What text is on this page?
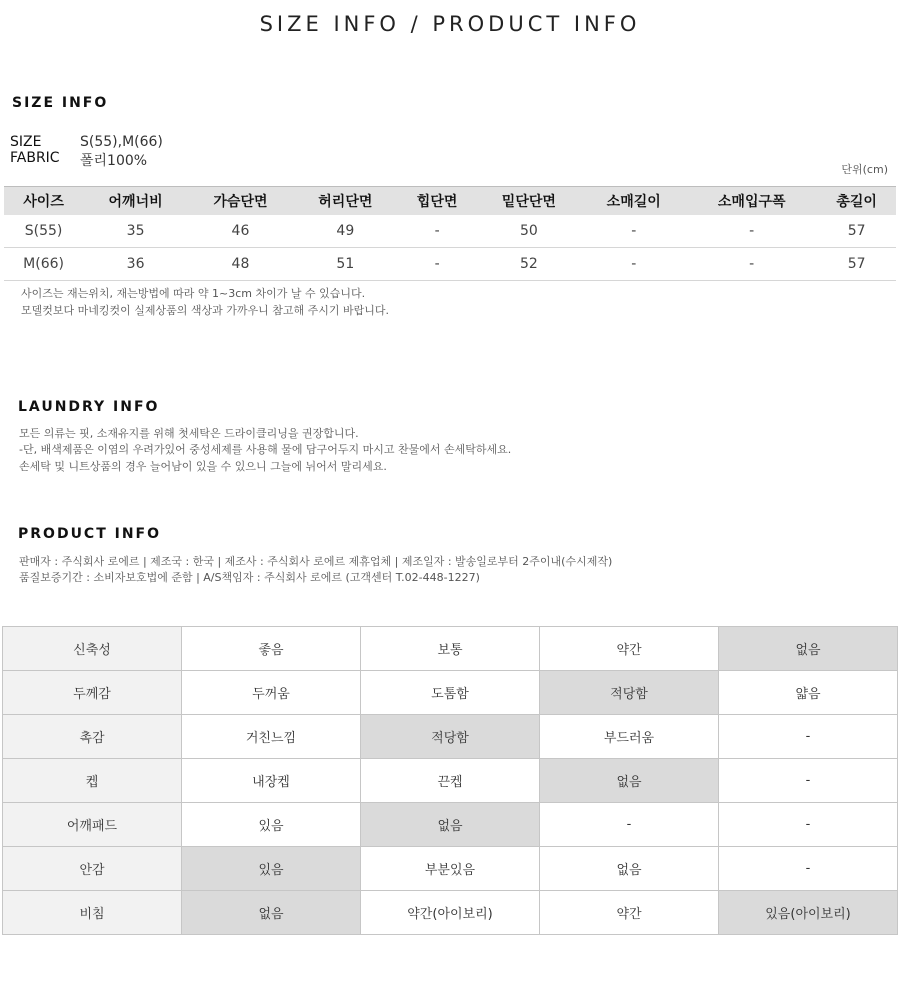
SIZE INFO / PRODUCT INFO
SIZE INFO
SIZE	S(55),M(66)
FABRIC 폴리100%
단위(cm)
사이즈	어깨너비	가슴단면	허리단면	힙단면	밑단단면	소매길이	소매입구폭	총길이
S(55)	35	46	49	-	50	-	-	57
M(66)	36	48	51	-	52	-	-	57
사이즈는 재는위치, 재는방법에 따라 약 1~3cm 차이가 날 수 있습니다.
모델컷보다 마네킹컷이 실제상품의 색상과 가까우니 참고해 주시기 바랍니다.
LAUNDRY INFO
모든 의류는 핏, 소재유지를 위해 첫세탁은 드라이클리닝을 권장합니다.
-단, 배색제품은 이염의 우려가있어 중성세제를 사용해 물에 담구어두지 마시고 찬물에서 손세탁하세요.
손세탁 및 니트상품의 경우 늘어남이 있을 수 있으니 그늘에 뉘어서 말리세요.
PRODUCT INFO
판매자 : 주식회사 로에르 | 제조국 : 한국 | 제조사 : 주식회사 로에르 제휴업체 | 제조일자 : 발송일로부터 2주이내(수시제작)
품질보증기간 : 소비자보호법에 준함 | A/S책임자 : 주식회사 로에르 (고객센터 T.02-448-1227)
신축성	좋음	보통	약간	없음
두께감	두꺼움	도톰함	적당함	얇음
촉감	거친느낌	적당함	부드러움	-
켑	내장켑	끈켑	없음	-
어깨패드	있음	없음	-	-
안감	있음	부분있음	없음	-
비침	없음	약간(아이보리)	약간	있음(아이보리)
